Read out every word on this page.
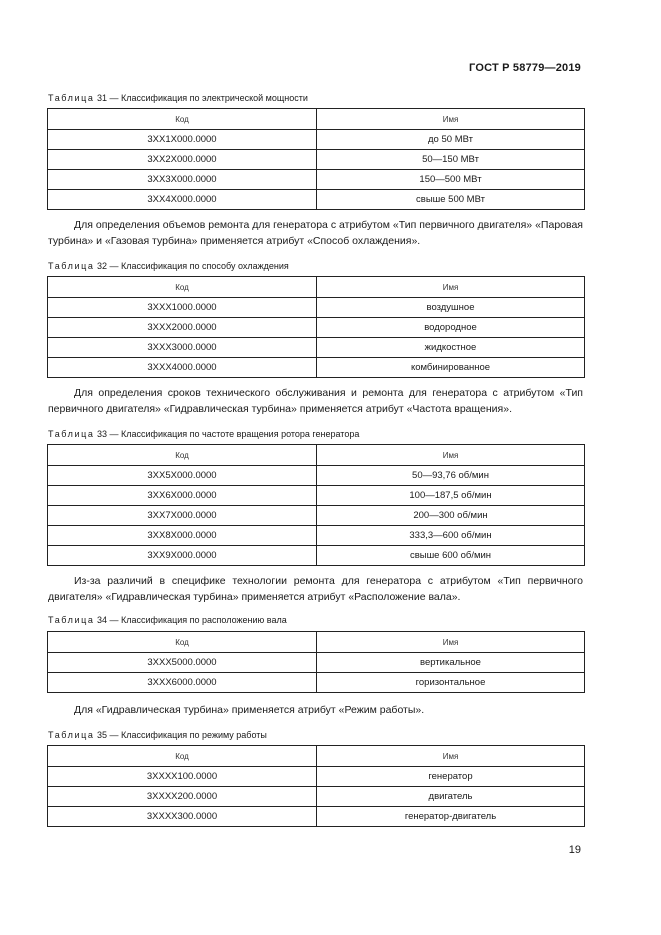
ГОСТ Р 58779—2019
Таблица 31 — Классификация по электрической мощности
Код	Имя
3ХХ1Х000.0000	до 50 МВт
3ХХ2Х000.0000	50—150 МВт
3ХХ3Х000.0000	150—500 МВт
3ХХ4Х000.0000	свыше 500 МВт

Для определения объемов ремонта для генератора с атрибутом «Тип первичного двигателя» «Паровая турбина» и «Газовая турбина» применяется атрибут «Способ охлаждения».

Таблица 32 — Классификация по способу охлаждения
Код	Имя
3ХХХ1000.0000	воздушное
3ХХХ2000.0000	водородное
3ХХХ3000.0000	жидкостное
3ХХХ4000.0000	комбинированное

Для определения сроков технического обслуживания и ремонта для генератора с атрибутом «Тип первичного двигателя» «Гидравлическая турбина» применяется атрибут «Частота вращения».

Таблица 33 — Классификация по частоте вращения ротора генератора
Код	Имя
3ХХ5Х000.0000	50—93,76 об/мин
3ХХ6Х000.0000	100—187,5 об/мин
3ХХ7Х000.0000	200—300 об/мин
3ХХ8Х000.0000	333,3—600 об/мин
3ХХ9Х000.0000	свыше 600 об/мин

Из-за различий в специфике технологии ремонта для генератора с атрибутом «Тип первичного двигателя» «Гидравлическая турбина» применяется атрибут «Расположение вала».

Таблица 34 — Классификация по расположению вала
Код	Имя
3ХХХ5000.0000	вертикальное
3ХХХ6000.0000	горизонтальное

Для «Гидравлическая турбина» применяется атрибут «Режим работы».

Таблица 35 — Классификация по режиму работы
Код	Имя
3ХХХХ100.0000	генератор
3ХХХХ200.0000	двигатель
3ХХХХ300.0000	генератор-двигатель
19
